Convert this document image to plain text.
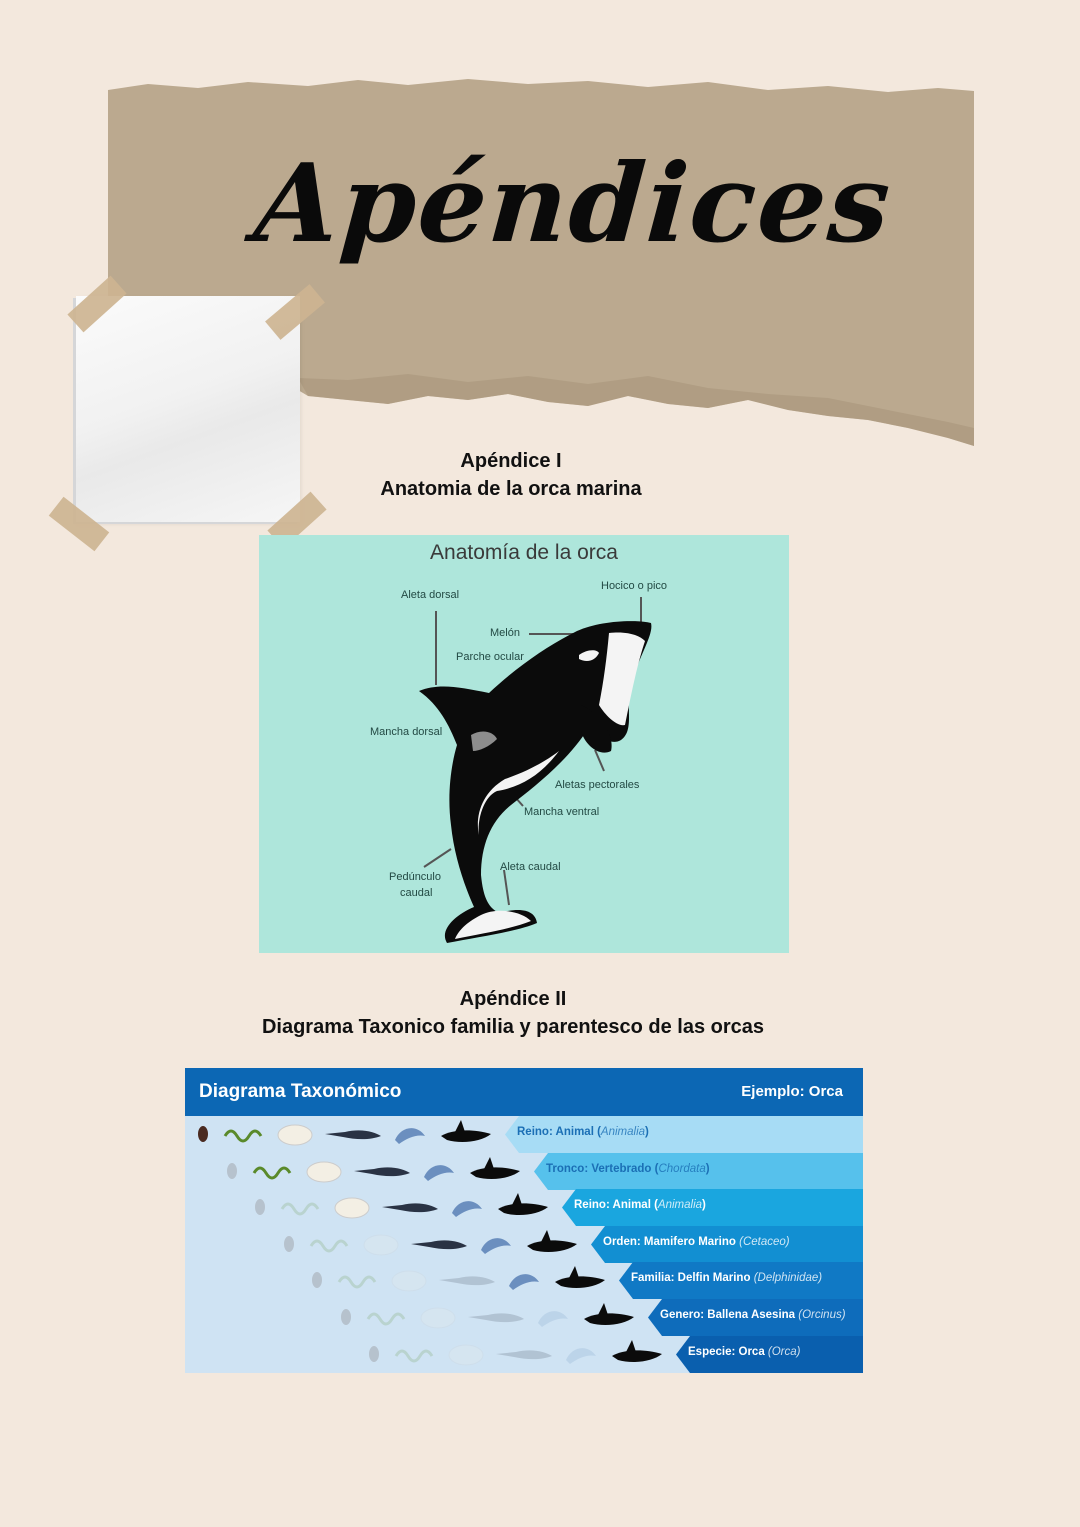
Apéndices
Apéndice I
Anatomia de la orca marina
Anatomía de la orca
Aleta dorsal
Hocico o pico
Melón
Parche ocular
Mancha dorsal
Aletas pectorales
Mancha ventral
Aleta caudal
Pedúnculo
caudal
Apéndice II
Diagrama Taxonico familia y parentesco de las orcas
Diagrama Taxonómico	Ejemplo: Orca
Reino: Animal (Animalia)
Tronco: Vertebrado (Chordata)
Reino: Animal (Animalia)
Orden: Mamifero Marino (Cetaceo)
Familia: Delfin Marino (Delphinidae)
Genero: Ballena Asesina (Orcinus)
Especie: Orca (Orca)
